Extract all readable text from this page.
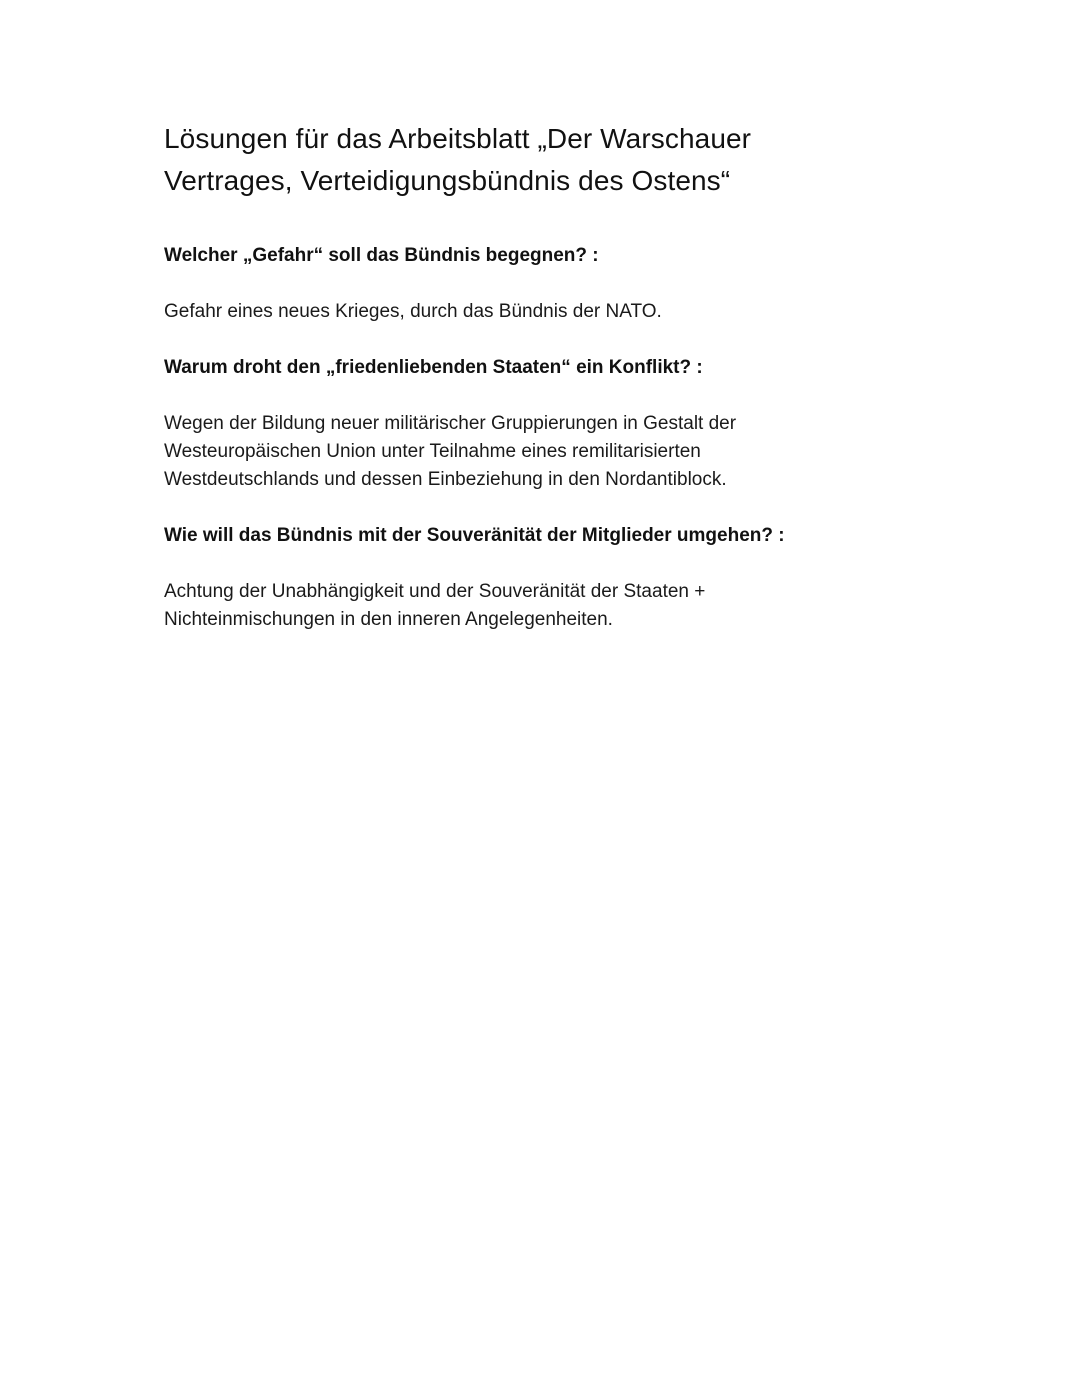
Lösungen für das Arbeitsblatt „Der Warschauer
Vertrages, Verteidigungsbündnis des Ostens“

Welcher „Gefahr“ soll das Bündnis begegnen? :

Gefahr eines neues Krieges, durch das Bündnis der NATO.

Warum droht den „friedenliebenden Staaten“ ein Konflikt? :

Wegen der Bildung neuer militärischer Gruppierungen in Gestalt der
Westeuropäischen Union unter Teilnahme eines remilitarisierten
Westdeutschlands und dessen Einbeziehung in den Nordantiblock.

Wie will das Bündnis mit der Souveränität der Mitglieder umgehen? :

Achtung der Unabhängigkeit und der Souveränität der Staaten +
Nichteinmischungen in den inneren Angelegenheiten.
